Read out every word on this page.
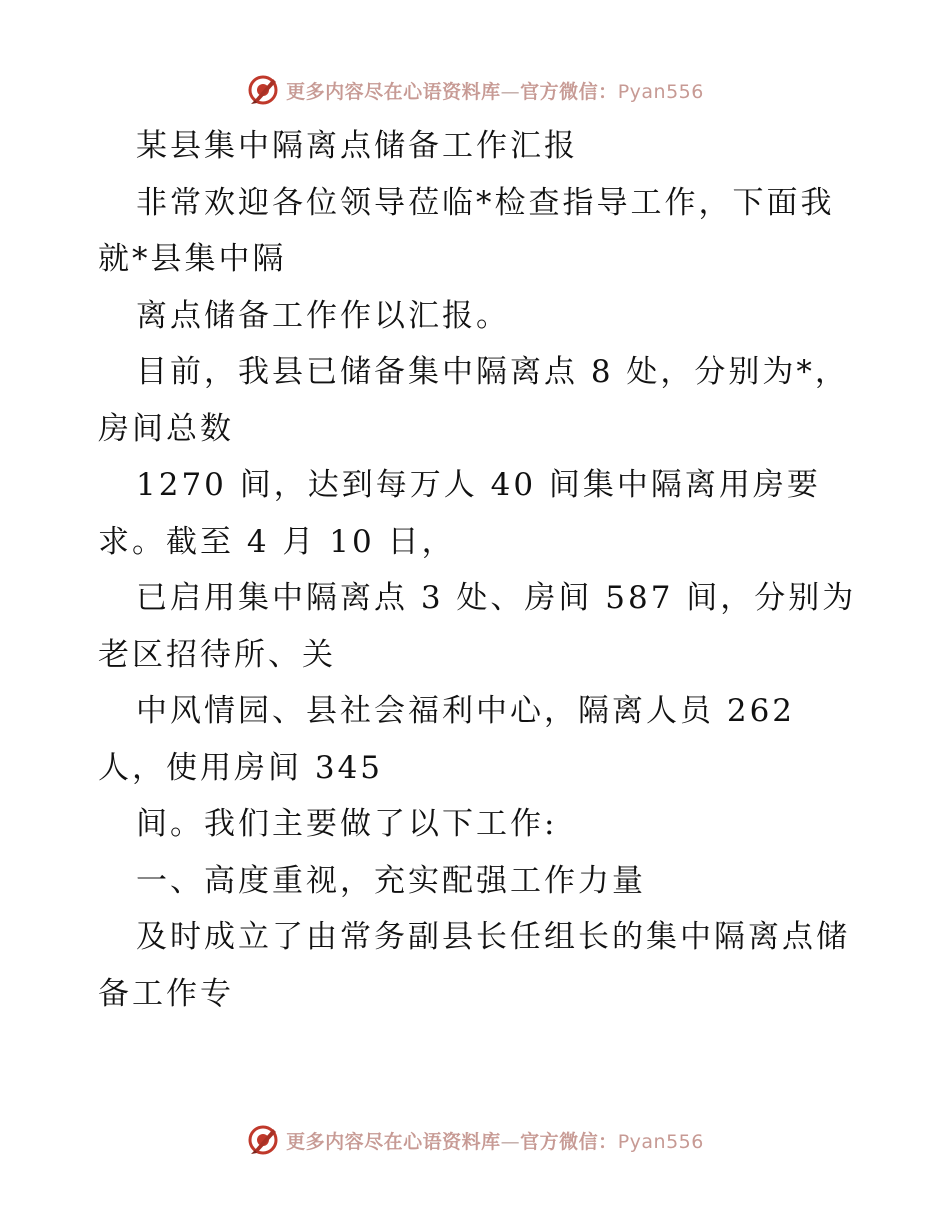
更多内容尽在心语资料库—官方微信：Pyan556
某县集中隔离点储备工作汇报
非常欢迎各位领导莅临*检查指导工作，下面我
就*县集中隔
离点储备工作作以汇报。
目前，我县已储备集中隔离点 8 处，分别为*，
房间总数
1270 间，达到每万人 40 间集中隔离用房要
求。截至 4 月 10 日，
已启用集中隔离点 3 处、房间 587 间，分别为
老区招待所、关
中风情园、县社会福利中心，隔离人员 262
人，使用房间 345
间。我们主要做了以下工作:
一、高度重视，充实配强工作力量
及时成立了由常务副县长任组长的集中隔离点储
备工作专
更多内容尽在心语资料库—官方微信：Pyan556
